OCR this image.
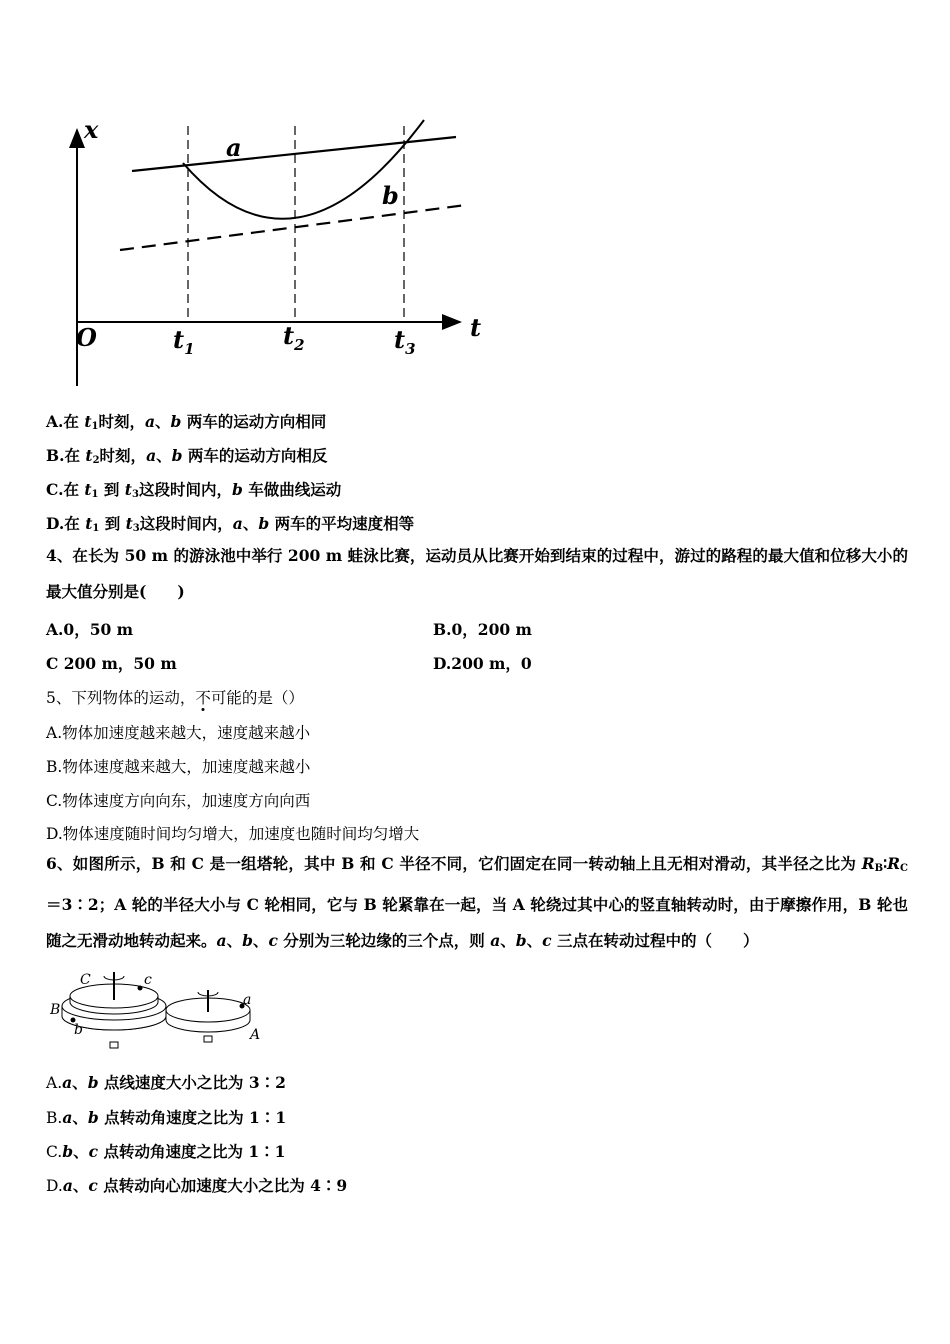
x
t
O
a
b
$t_1$	$t_2$	$t_3$
A.在 $t_1$时刻，a、b 两车的运动方向相同
B.在 $t_2$时刻，a、b 两车的运动方向相反
C.在 $t_1$ 到 $t_3$这段时间内，b 车做曲线运动
D.在 $t_1$ 到 $t_3$这段时间内，a、b 两车的平均速度相等
4、在长为 50 m 的游泳池中举行 200 m 蛙泳比赛，运动员从比赛开始到结束的过程中，游过的路程的最大值和位移大小的最大值分别是(　　)
A.0，50 m	B.0，200 m
C 200 m，50 m	D.200 m，0
5、下列物体的运动，不可能的是（）
A.物体加速度越来越大，速度越来越小
B.物体速度越来越大，加速度越来越小
C.物体速度方向向东，加速度方向向西
D.物体速度随时间均匀增大，加速度也随时间均匀增大
6、如图所示，B 和 C 是一组塔轮，其中 B 和 C 半径不同，它们固定在同一转动轴上且无相对滑动，其半径之比为 $R_B∶R_C=3∶2$；A 轮的半径大小与 C 轮相同，它与 B 轮紧靠在一起，当 A 轮绕过其中心的竖直轴转动时，由于摩擦作用，B 轮也随之无滑动地转动起来。a、b、c 分别为三轮边缘的三个点，则 a、b、c 三点在转动过程中的（　　）
C	c
B
b
a
A
A.a、b 点线速度大小之比为 3∶2
B.a、b 点转动角速度之比为 1∶1
C.b、c 点转动角速度之比为 1∶1
D.a、c 点转动向心加速度大小之比为 4∶9
